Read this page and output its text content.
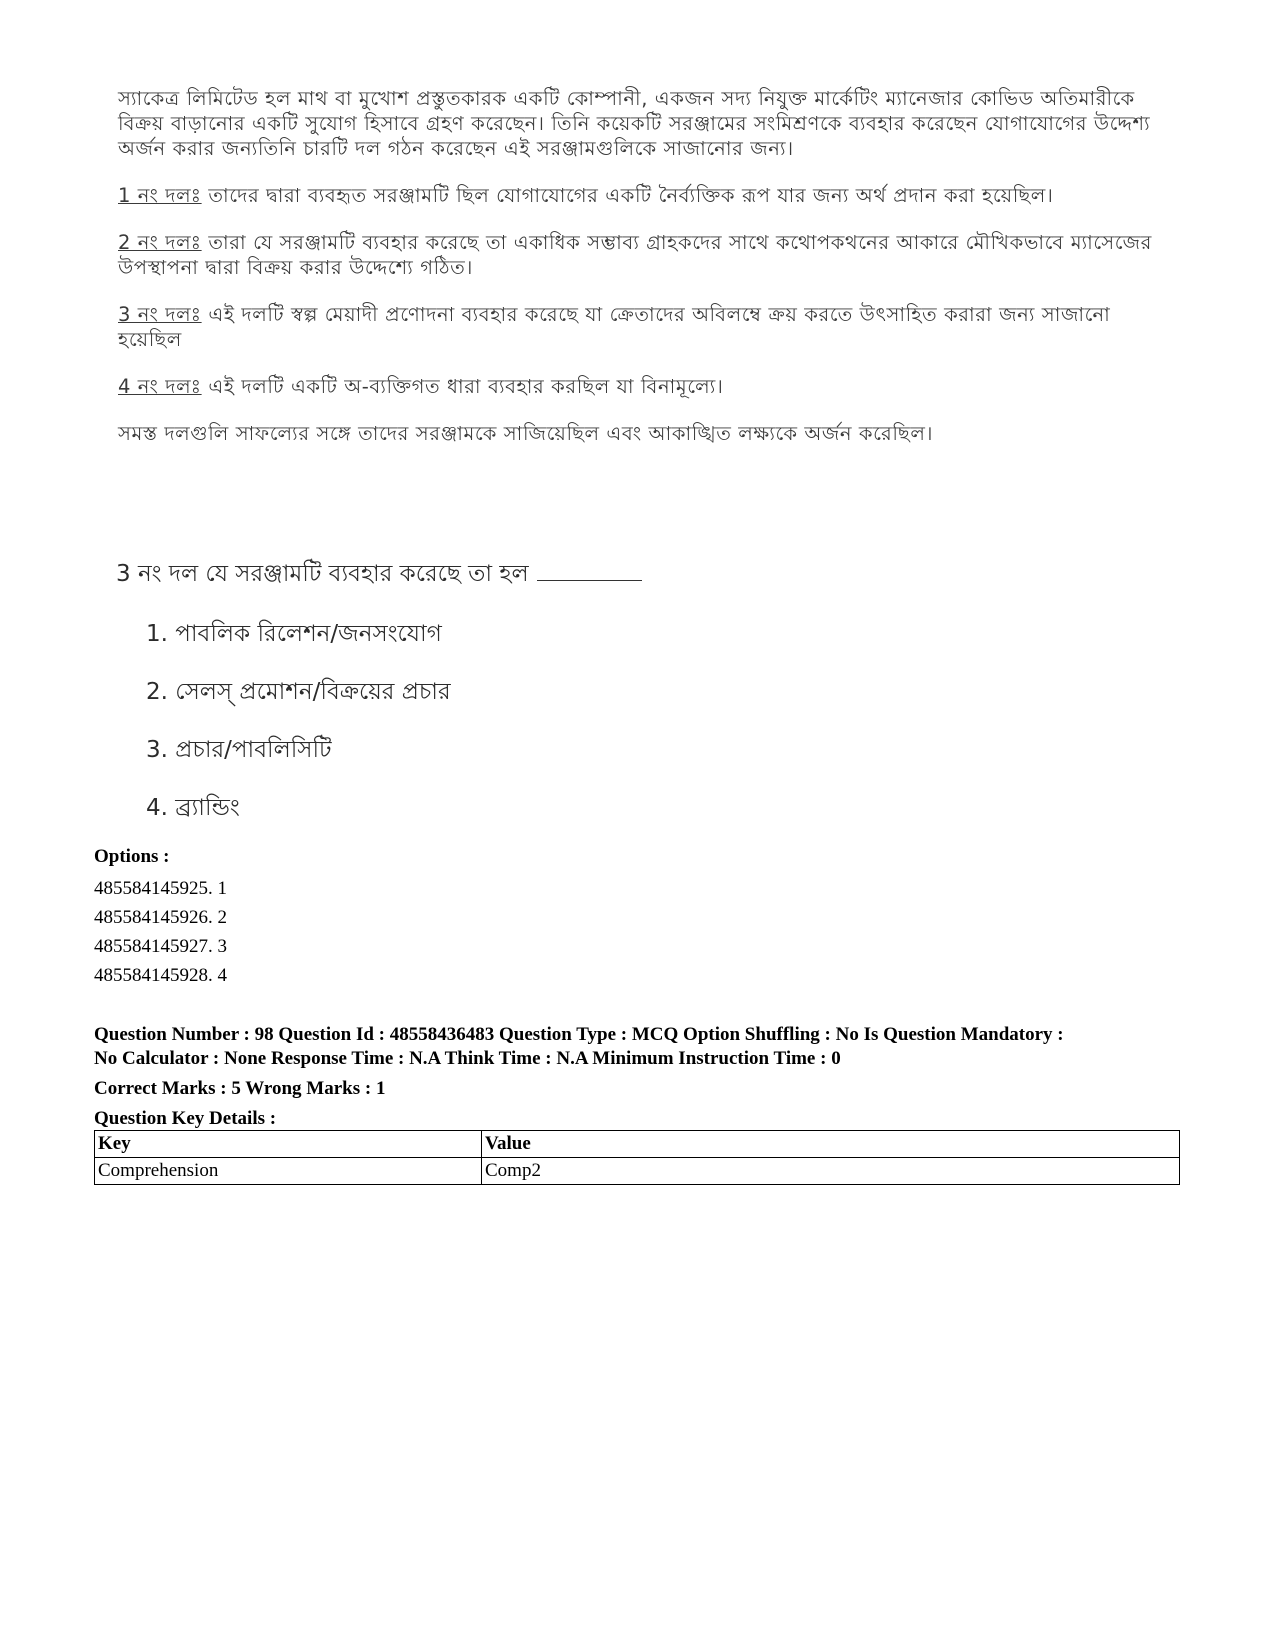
স্যাকেত্র লিমিটেড হল মাথ বা মুখোশ প্রস্তুতকারক একটি কোম্পানী, একজন সদ্য নিযুক্ত মার্কেটিং ম্যানেজার কোভিড অতিমারীকে বিক্রয় বাড়ানোর একটি সুযোগ হিসাবে গ্রহণ করেছেন। তিনি কয়েকটি সরঞ্জামের সংমিশ্রণকে ব্যবহার করেছেন যোগাযোগের উদ্দেশ্য অর্জন করার জন্যতিনি চারটি দল গঠন করেছেন এই সরঞ্জামগুলিকে সাজানোর জন্য।

1 নং দলঃ তাদের দ্বারা ব্যবহৃত সরঞ্জামটি ছিল যোগাযোগের একটি নৈর্ব্যক্তিক রূপ যার জন্য অর্থ প্রদান করা হয়েছিল।

2 নং দলঃ তারা যে সরঞ্জামটি ব্যবহার করেছে তা একাধিক সম্ভাব্য গ্রাহকদের সাথে কথোপকথনের আকারে মৌখিকভাবে ম্যাসেজের উপস্থাপনা দ্বারা বিক্রয় করার উদ্দেশ্যে গঠিত।

3 নং দলঃ এই দলটি স্বল্প মেয়াদী প্রণোদনা ব্যবহার করেছে যা ক্রেতাদের অবিলম্বে ক্রয় করতে উৎসাহিত করারা জন্য সাজানো হয়েছিল

4 নং দলঃ এই দলটি একটি অ-ব্যক্তিগত ধারা ব্যবহার করছিল যা বিনামূল্যে।

সমস্ত দলগুলি সাফল্যের সঙ্গে তাদের সরঞ্জামকে সাজিয়েছিল এবং আকাঙ্খিত লক্ষ্যকে অর্জন করেছিল।

3 নং দল যে সরঞ্জামটি ব্যবহার করেছে তা হল

1. পাবলিক রিলেশন/জনসংযোগ
2. সেলস্ প্রমোশন/বিক্রয়ের প্রচার
3. প্রচার/পাবলিসিটি
4. ব্র্যান্ডিং

Options :

485584145925. 1

485584145926. 2

485584145927. 3

485584145928. 4

Question Number : 98 Question Id : 48558436483 Question Type : MCQ Option Shuffling : No Is Question Mandatory :

No Calculator : None Response Time : N.A Think Time : N.A Minimum Instruction Time : 0

Correct Marks : 5 Wrong Marks : 1

Question Key Details :

Key	Value
Comprehension	Comp2
